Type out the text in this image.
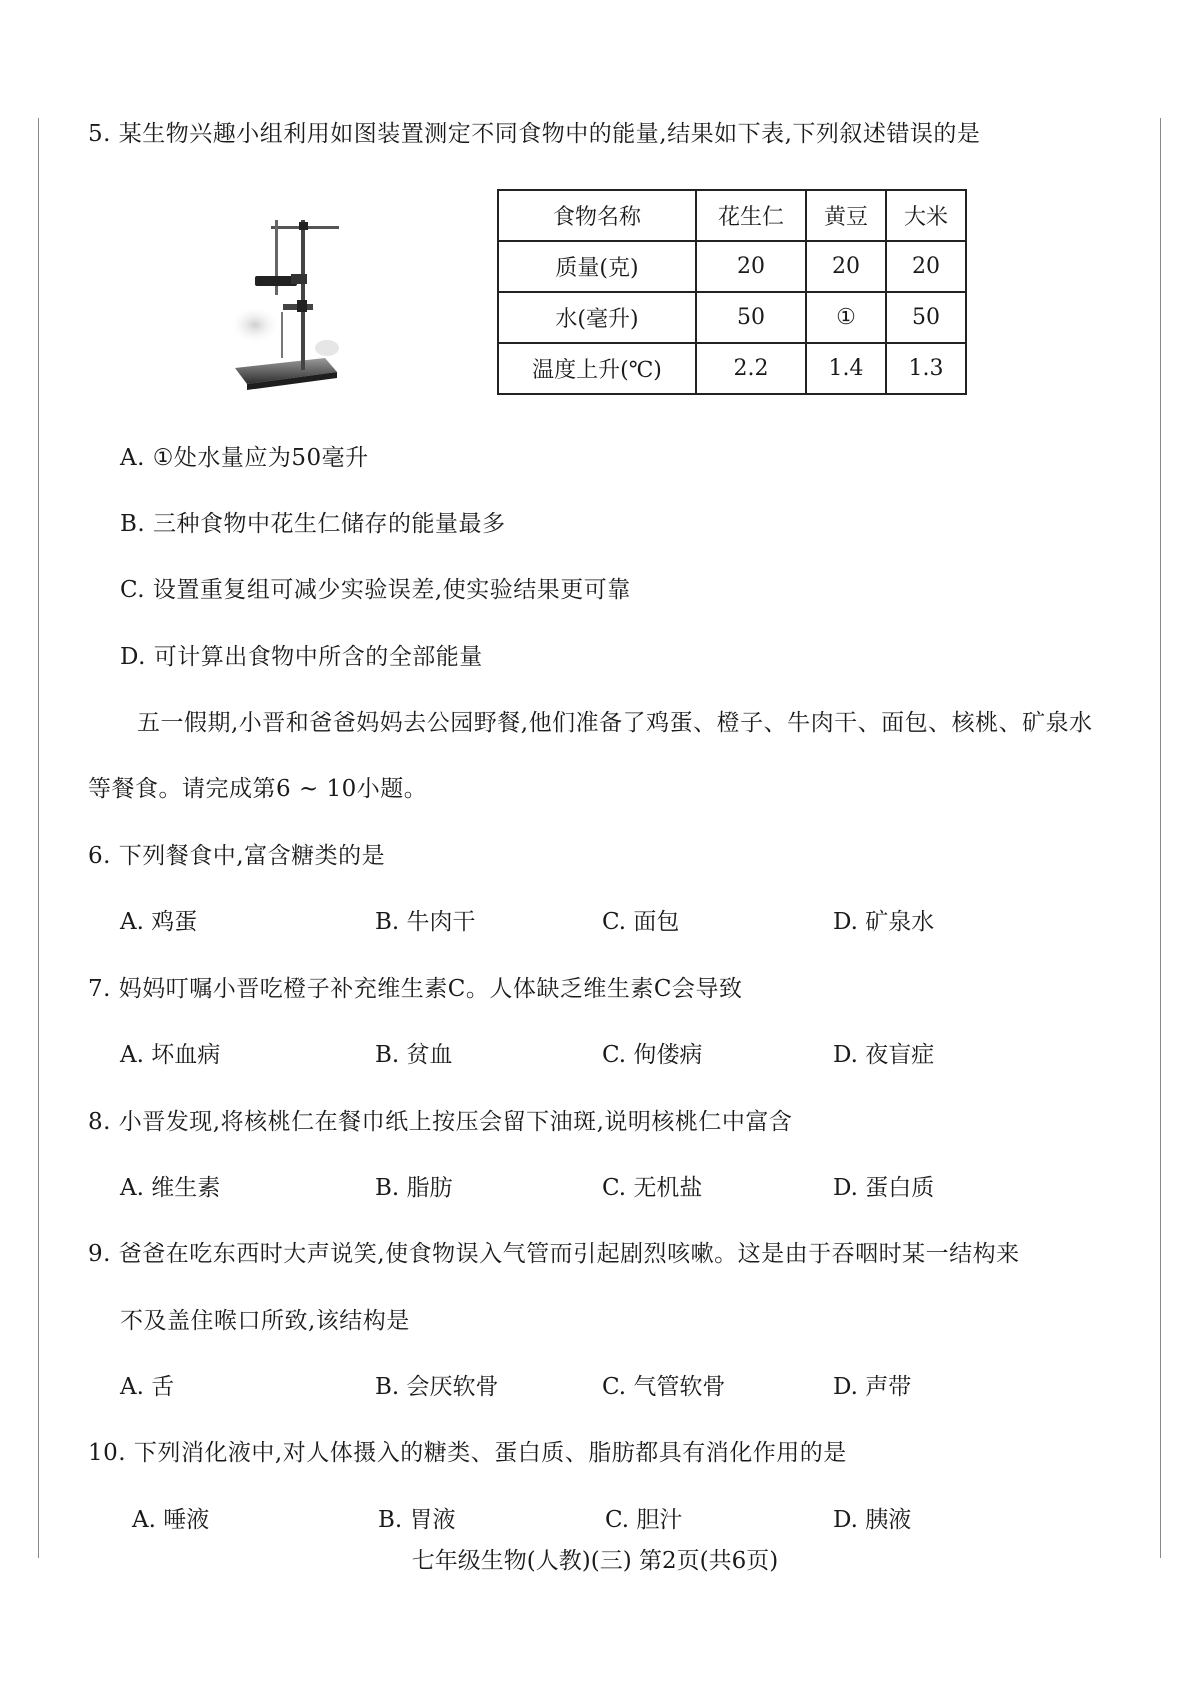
5. 某生物兴趣小组利用如图装置测定不同食物中的能量,结果如下表,下列叙述错误的是
食物名称	花生仁	黄豆	大米
质量(克)	20	20	20
水(毫升)	50	①	50
温度上升(℃)	2.2	1.4	1.3
A. ①处水量应为50毫升
B. 三种食物中花生仁储存的能量最多
C. 设置重复组可减少实验误差,使实验结果更可靠
D. 可计算出食物中所含的全部能量
五一假期,小晋和爸爸妈妈去公园野餐,他们准备了鸡蛋、橙子、牛肉干、面包、核桃、矿泉水
等餐食。请完成第6 ~ 10小题。
6. 下列餐食中,富含糖类的是
A. 鸡蛋	B. 牛肉干	C. 面包	D. 矿泉水
7. 妈妈叮嘱小晋吃橙子补充维生素C。人体缺乏维生素C会导致
A. 坏血病	B. 贫血	C. 佝偻病	D. 夜盲症
8. 小晋发现,将核桃仁在餐巾纸上按压会留下油斑,说明核桃仁中富含
A. 维生素	B. 脂肪	C. 无机盐	D. 蛋白质
9. 爸爸在吃东西时大声说笑,使食物误入气管而引起剧烈咳嗽。这是由于吞咽时某一结构来
不及盖住喉口所致,该结构是
A. 舌	B. 会厌软骨	C. 气管软骨	D. 声带
10. 下列消化液中,对人体摄入的糖类、蛋白质、脂肪都具有消化作用的是
A. 唾液	B. 胃液	C. 胆汁	D. 胰液
七年级生物(人教)(三) 第2页(共6页)
